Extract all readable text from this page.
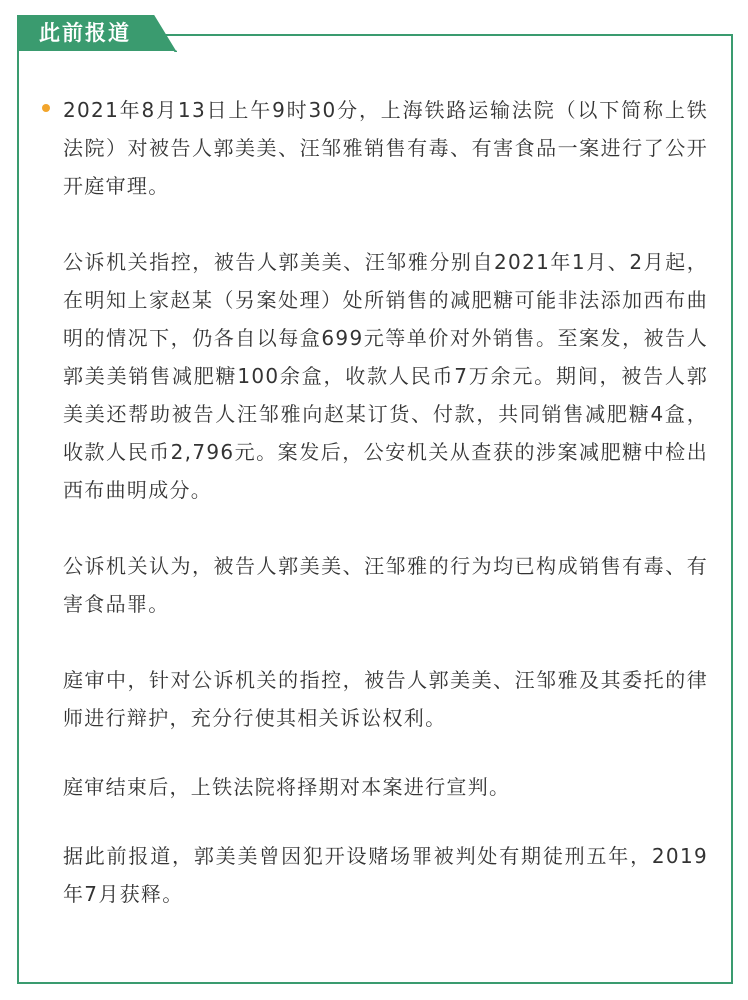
此前报道

2021年8月13日上午9时30分，上海铁路运输法院（以下简称上铁法院）对被告人郭美美、汪邹雅销售有毒、有害食品一案进行了公开开庭审理。

公诉机关指控，被告人郭美美、汪邹雅分别自2021年1月、2月起，在明知上家赵某（另案处理）处所销售的减肥糖可能非法添加西布曲明的情况下，仍各自以每盒699元等单价对外销售。至案发，被告人郭美美销售减肥糖100余盒，收款人民币7万余元。期间，被告人郭美美还帮助被告人汪邹雅向赵某订货、付款，共同销售减肥糖4盒，收款人民币2,796元。案发后，公安机关从查获的涉案减肥糖中检出西布曲明成分。

公诉机关认为，被告人郭美美、汪邹雅的行为均已构成销售有毒、有害食品罪。

庭审中，针对公诉机关的指控，被告人郭美美、汪邹雅及其委托的律师进行辩护，充分行使其相关诉讼权利。

庭审结束后，上铁法院将择期对本案进行宣判。

据此前报道，郭美美曾因犯开设赌场罪被判处有期徒刑五年，2019年7月获释。
